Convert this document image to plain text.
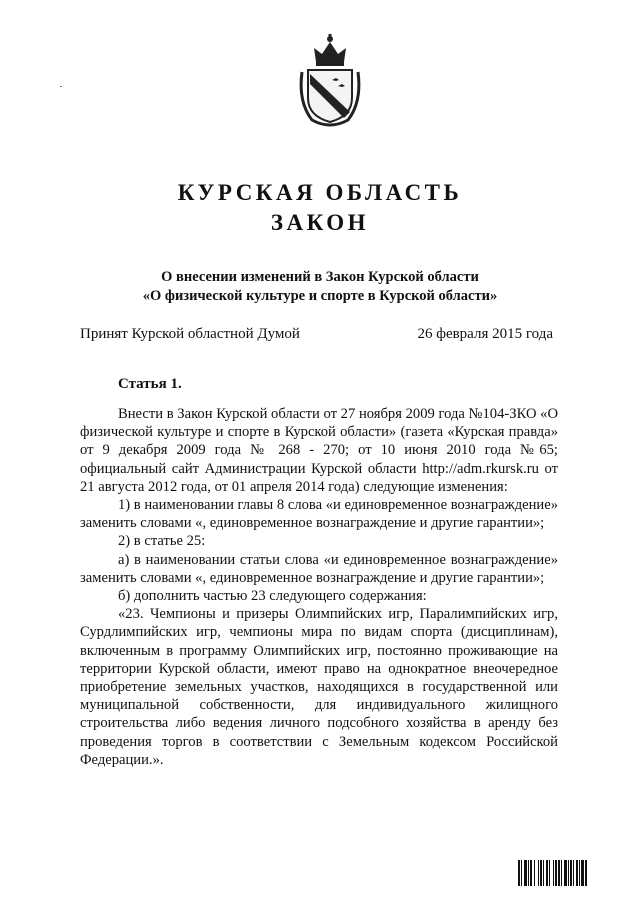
КУРСКАЯ ОБЛАСТЬ
ЗАКОН
О внесении изменений в Закон Курской области
«О физической культуре и спорте в Курской области»
Принят Курской областной Думой	26 февраля 2015 года
Статья 1.

Внести в Закон Курской области от 27 ноября 2009 года №104-ЗКО «О физической культуре и спорте в Курской области» (газета «Курская правда» от 9 декабря 2009 года № 268 - 270; от 10 июня 2010 года №65; официальный сайт Администрации Курской области http://adm.rkursk.ru от 21 августа 2012 года, от 01 апреля 2014 года) следующие изменения:

1) в наименовании главы 8 слова «и единовременное вознаграждение» заменить словами «, единовременное вознаграждение и другие гарантии»;

2) в статье 25:

а) в наименовании статьи слова «и единовременное вознаграждение» заменить словами «, единовременное вознаграждение и другие гарантии»;

б) дополнить частью 23 следующего содержания:

«23. Чемпионы и призеры Олимпийских игр, Паралимпийских игр, Сурдлимпийских игр, чемпионы мира по видам спорта (дисциплинам), включенным в программу Олимпийских игр, постоянно проживающие на территории Курской области, имеют право на однократное внеочередное приобретение земельных участков, находящихся в государственной или муниципальной собственности, для индивидуального жилищного строительства либо ведения личного подсобного хозяйства в аренду без проведения торгов в соответствии с Земельным кодексом Российской Федерации.».
